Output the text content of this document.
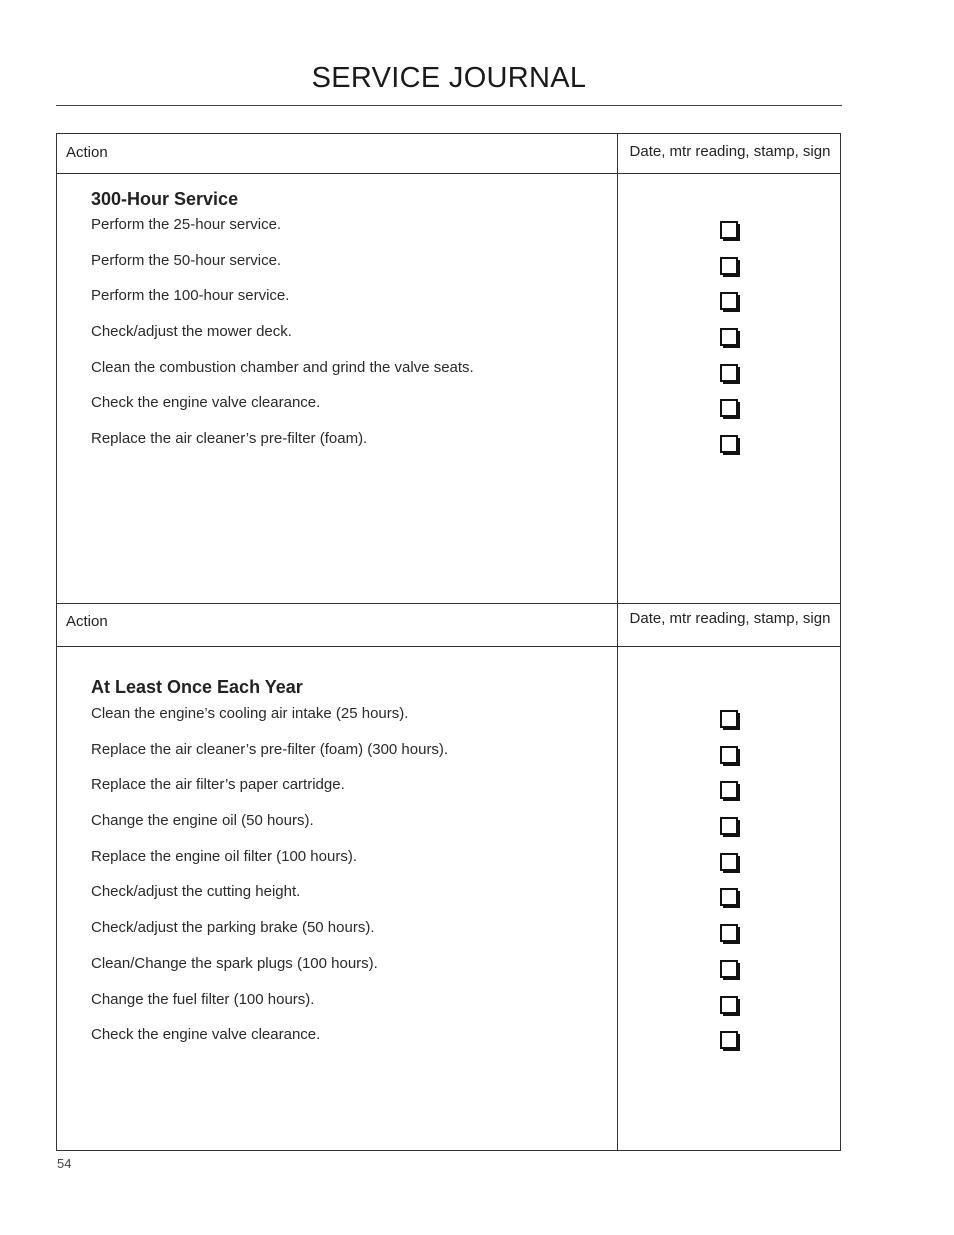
SERVICE JOURNAL
Action	Date, mtr reading, stamp, sign
300-Hour Service
Perform the 25-hour service.
Perform the 50-hour service.
Perform the 100-hour service.
Check/adjust the mower deck.
Clean the combustion chamber and grind the valve seats.
Check the engine valve clearance.
Replace the air cleaner’s pre-filter (foam).
Action	Date, mtr reading, stamp, sign
At Least Once Each Year
Clean the engine’s cooling air intake (25 hours).
Replace the air cleaner’s pre-filter (foam) (300 hours).
Replace the air filter’s paper cartridge.
Change the engine oil (50 hours).
Replace the engine oil filter (100 hours).
Check/adjust the cutting height.
Check/adjust the parking brake (50 hours).
Clean/Change the spark plugs (100 hours).
Change the fuel filter (100 hours).
Check the engine valve clearance.
54
